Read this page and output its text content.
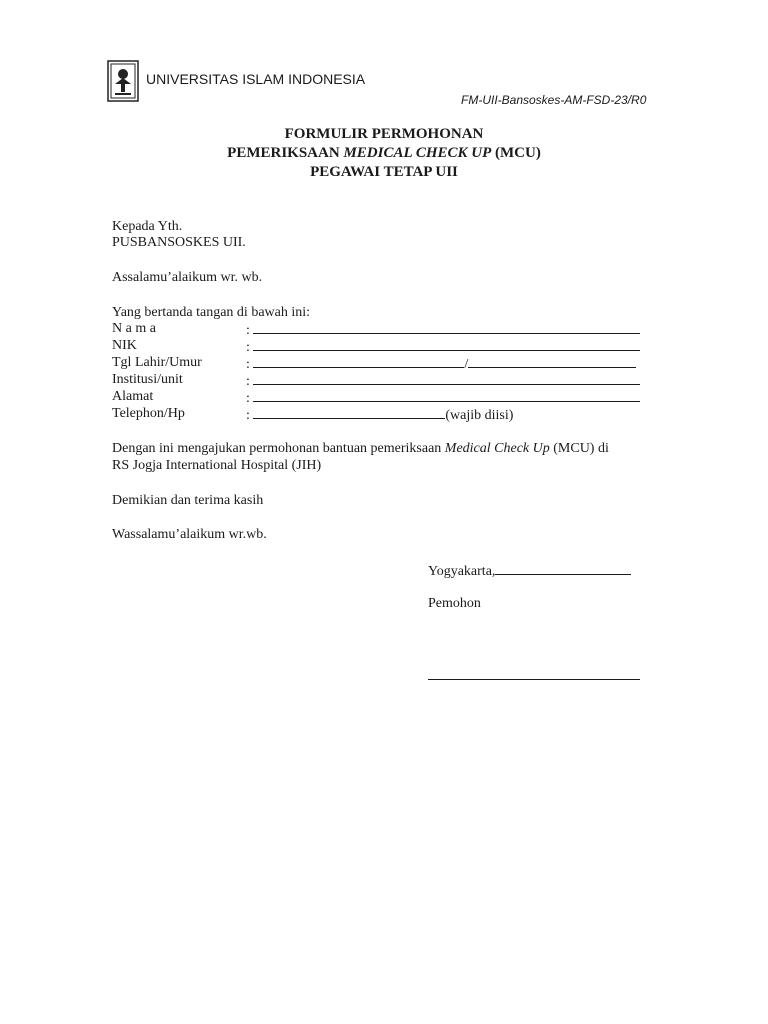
UNIVERSITAS ISLAM INDONESIA
FM-UII-Bansoskes-AM-FSD-23/R0
FORMULIR PERMOHONAN
PEMERIKSAAN MEDICAL CHECK UP (MCU)
PEGAWAI TETAP UII
Kepada Yth.
PUSBANSOSKES UII.
Assalamu’alaikum wr. wb.
Yang bertanda tangan di bawah ini:
N a m a	:
NIK	:
Tgl Lahir/Umur	:	/
Institusi/unit	:
Alamat	:
Telephon/Hp	:	(wajib diisi)
Dengan ini mengajukan permohonan bantuan pemeriksaan Medical Check Up (MCU) di
RS Jogja International Hospital (JIH)
Demikian dan terima kasih
Wassalamu’alaikum wr.wb.
Yogyakarta,
Pemohon
